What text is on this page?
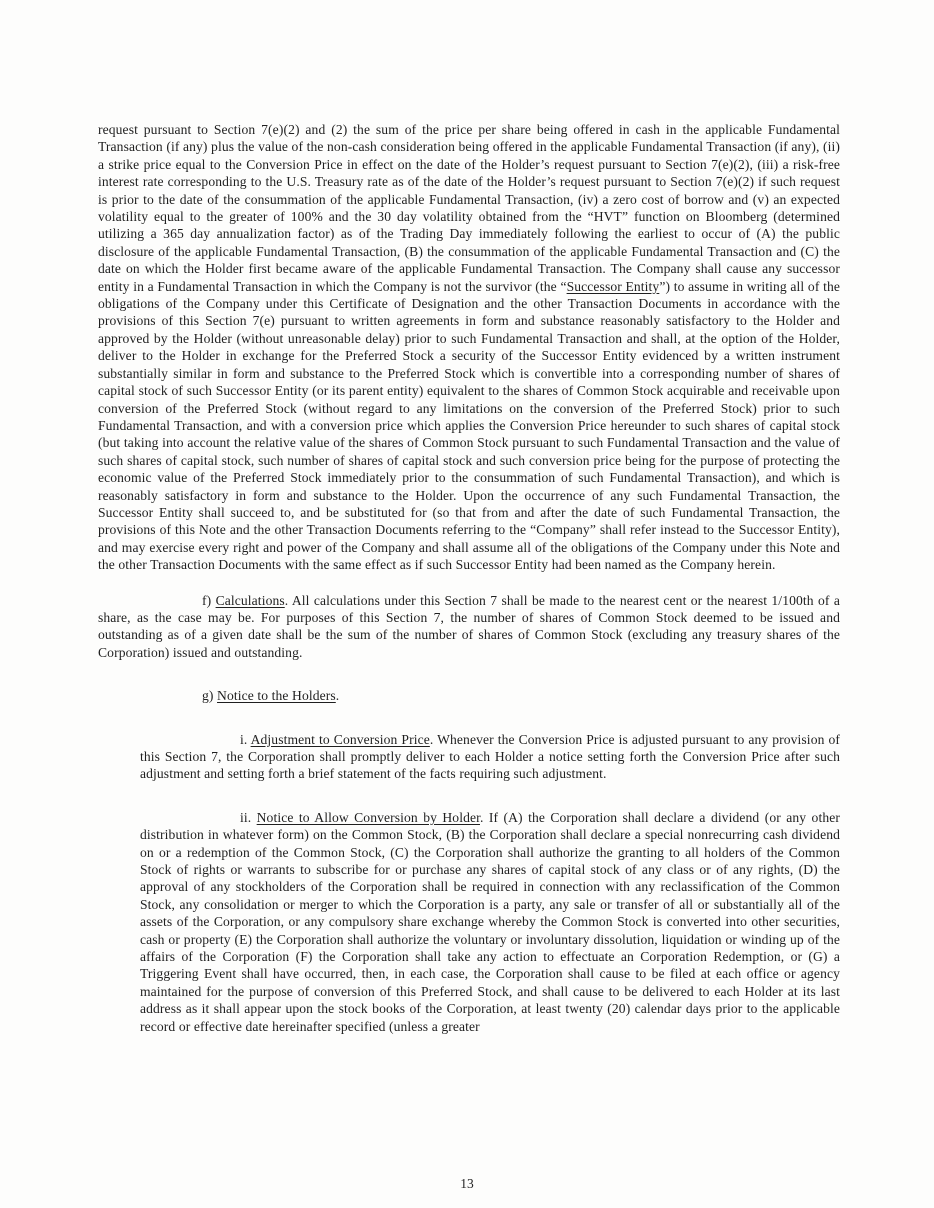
request pursuant to Section 7(e)(2) and (2) the sum of the price per share being offered in cash in the applicable Fundamental Transaction (if any) plus the value of the non-cash consideration being offered in the applicable Fundamental Transaction (if any), (ii) a strike price equal to the Conversion Price in effect on the date of the Holder’s request pursuant to Section 7(e)(2), (iii) a risk-free interest rate corresponding to the U.S. Treasury rate as of the date of the Holder’s request pursuant to Section 7(e)(2) if such request is prior to the date of the consummation of the applicable Fundamental Transaction, (iv) a zero cost of borrow and (v) an expected volatility equal to the greater of 100% and the 30 day volatility obtained from the “HVT” function on Bloomberg (determined utilizing a 365 day annualization factor) as of the Trading Day immediately following the earliest to occur of (A) the public disclosure of the applicable Fundamental Transaction, (B) the consummation of the applicable Fundamental Transaction and (C) the date on which the Holder first became aware of the applicable Fundamental Transaction. The Company shall cause any successor entity in a Fundamental Transaction in which the Company is not the survivor (the “Successor Entity”) to assume in writing all of the obligations of the Company under this Certificate of Designation and the other Transaction Documents in accordance with the provisions of this Section 7(e) pursuant to written agreements in form and substance reasonably satisfactory to the Holder and approved by the Holder (without unreasonable delay) prior to such Fundamental Transaction and shall, at the option of the Holder, deliver to the Holder in exchange for the Preferred Stock a security of the Successor Entity evidenced by a written instrument substantially similar in form and substance to the Preferred Stock which is convertible into a corresponding number of shares of capital stock of such Successor Entity (or its parent entity) equivalent to the shares of Common Stock acquirable and receivable upon conversion of the Preferred Stock (without regard to any limitations on the conversion of the Preferred Stock) prior to such Fundamental Transaction, and with a conversion price which applies the Conversion Price hereunder to such shares of capital stock (but taking into account the relative value of the shares of Common Stock pursuant to such Fundamental Transaction and the value of such shares of capital stock, such number of shares of capital stock and such conversion price being for the purpose of protecting the economic value of the Preferred Stock immediately prior to the consummation of such Fundamental Transaction), and which is reasonably satisfactory in form and substance to the Holder. Upon the occurrence of any such Fundamental Transaction, the Successor Entity shall succeed to, and be substituted for (so that from and after the date of such Fundamental Transaction, the provisions of this Note and the other Transaction Documents referring to the “Company” shall refer instead to the Successor Entity), and may exercise every right and power of the Company and shall assume all of the obligations of the Company under this Note and the other Transaction Documents with the same effect as if such Successor Entity had been named as the Company herein.

f) Calculations. All calculations under this Section 7 shall be made to the nearest cent or the nearest 1/100th of a share, as the case may be. For purposes of this Section 7, the number of shares of Common Stock deemed to be issued and outstanding as of a given date shall be the sum of the number of shares of Common Stock (excluding any treasury shares of the Corporation) issued and outstanding.

g) Notice to the Holders.

i. Adjustment to Conversion Price. Whenever the Conversion Price is adjusted pursuant to any provision of this Section 7, the Corporation shall promptly deliver to each Holder a notice setting forth the Conversion Price after such adjustment and setting forth a brief statement of the facts requiring such adjustment.

ii. Notice to Allow Conversion by Holder. If (A) the Corporation shall declare a dividend (or any other distribution in whatever form) on the Common Stock, (B) the Corporation shall declare a special nonrecurring cash dividend on or a redemption of the Common Stock, (C) the Corporation shall authorize the granting to all holders of the Common Stock of rights or warrants to subscribe for or purchase any shares of capital stock of any class or of any rights, (D) the approval of any stockholders of the Corporation shall be required in connection with any reclassification of the Common Stock, any consolidation or merger to which the Corporation is a party, any sale or transfer of all or substantially all of the assets of the Corporation, or any compulsory share exchange whereby the Common Stock is converted into other securities, cash or property (E) the Corporation shall authorize the voluntary or involuntary dissolution, liquidation or winding up of the affairs of the Corporation (F) the Corporation shall take any action to effectuate an Corporation Redemption, or (G) a Triggering Event shall have occurred, then, in each case, the Corporation shall cause to be filed at each office or agency maintained for the purpose of conversion of this Preferred Stock, and shall cause to be delivered to each Holder at its last address as it shall appear upon the stock books of the Corporation, at least twenty (20) calendar days prior to the applicable record or effective date hereinafter specified (unless a greater

13
